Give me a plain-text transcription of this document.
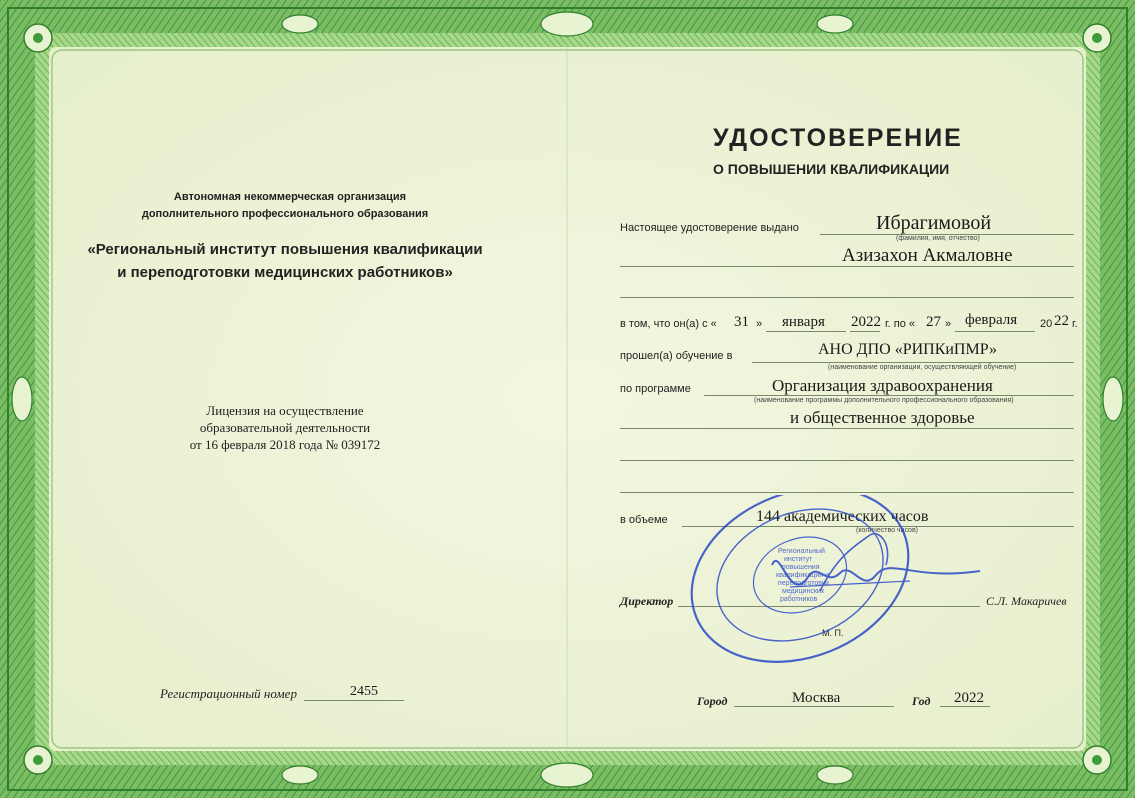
Автономная некоммерческая организация
дополнительного профессионального образования
«Региональный институт повышения квалификации
и переподготовки медицинских работников»
Лицензия на осуществление
образовательной деятельности
от 16 февраля 2018 года № 039172
Регистрационный номер	2455
УДОСТОВЕРЕНИЕ
О ПОВЫШЕНИИ КВАЛИФИКАЦИИ
Настоящее удостоверение выдано	Ибрагимовой
(фамилия, имя, отчество)
Азизахон Акмаловне
в том, что он(а) с « 31 » января 2022 г. по « 27 » февраля 20 22 г.
прошел(а) обучение в	АНО ДПО «РИПКиПМР»
(наименование организации, осуществляющей обучение)
по программе	Организация здравоохранения
(наименование программы дополнительного профессионального образования)
и общественное здоровье
в объеме	144 академических часов
(количество часов)
Директор	С.Л. Макаричев
М. П.
Город	Москва	Год 2022
Региональный
институт
повышения
квалификации и
переподготовки
медицинских
работников
